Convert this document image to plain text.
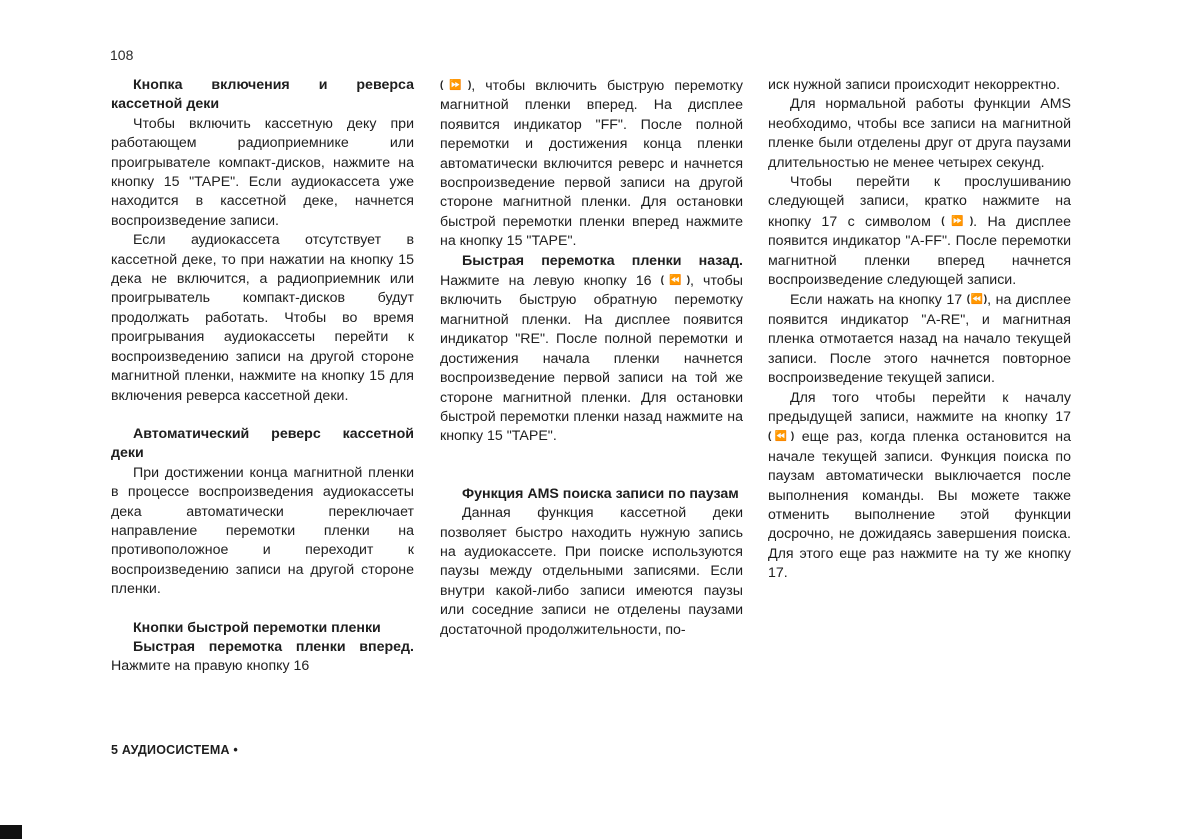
108

Кнопка включения и реверса кассетной деки

Чтобы включить кассетную деку при работающем радиоприемнике или проигрывателе компакт-дисков, нажмите на кнопку 15 "TAPE". Если аудиокассета уже находится в кассетной деке, начнется воспроизведение записи.

Если аудиокассета отсутствует в кассетной деке, то при нажатии на кнопку 15 дека не включится, а радиоприемник или проигрыватель компакт-дисков будут продолжать работать. Чтобы во время проигрывания аудиокассеты перейти к воспроизведению записи на другой стороне магнитной пленки, нажмите на кнопку 15 для включения реверса кассетной деки.

Автоматический реверс кассетной деки

При достижении конца магнитной пленки в процессе воспроизведения аудиокассеты дека автоматически переключает направление перемотки пленки на противоположное и переходит к воспроизведению записи на другой стороне пленки.

Кнопки быстрой перемотки пленки

Быстрая перемотка пленки вперед. Нажмите на правую кнопку 16

(⏩), чтобы включить быструю перемотку магнитной пленки вперед. На дисплее появится индикатор "FF". После полной перемотки и достижения конца пленки автоматически включится реверс и начнется воспроизведение первой записи на другой стороне магнитной пленки. Для остановки быстрой перемотки пленки вперед нажмите на кнопку 15 "TAPE".

Быстрая перемотка пленки назад. Нажмите на левую кнопку 16 (⏪), чтобы включить быструю обратную перемотку магнитной пленки. На дисплее появится индикатор "RE". После полной перемотки и достижения начала пленки начнется воспроизведение первой записи на той же стороне магнитной пленки. Для остановки быстрой перемотки пленки назад нажмите на кнопку 15 "TAPE".

Функция AMS поиска записи по паузам

Данная функция кассетной деки позволяет быстро находить нужную запись на аудиокассете. При поиске используются паузы между отдельными записями. Если внутри какой-либо записи имеются паузы или соседние записи не отделены паузами достаточной продолжительности, по-

иск нужной записи происходит некорректно.

Для нормальной работы функции AMS необходимо, чтобы все записи на магнитной пленке были отделены друг от друга паузами длительностью не менее четырех секунд.

Чтобы перейти к прослушиванию следующей записи, кратко нажмите на кнопку 17 с символом (⏩). На дисплее появится индикатор "A-FF". После перемотки магнитной пленки вперед начнется воспроизведение следующей записи.

Если нажать на кнопку 17 (⏪), на дисплее появится индикатор "A-RE", и магнитная пленка отмотается назад на начало текущей записи. После этого начнется повторное воспроизведение текущей записи.

Для того чтобы перейти к началу предыдущей записи, нажмите на кнопку 17 (⏪) еще раз, когда пленка остановится на начале текущей записи. Функция поиска по паузам автоматически выключается после выполнения команды. Вы можете также отменить выполнение этой функции досрочно, не дожидаясь завершения поиска. Для этого еще раз нажмите на ту же кнопку 17.

5 АУДИОСИСТЕМА •
